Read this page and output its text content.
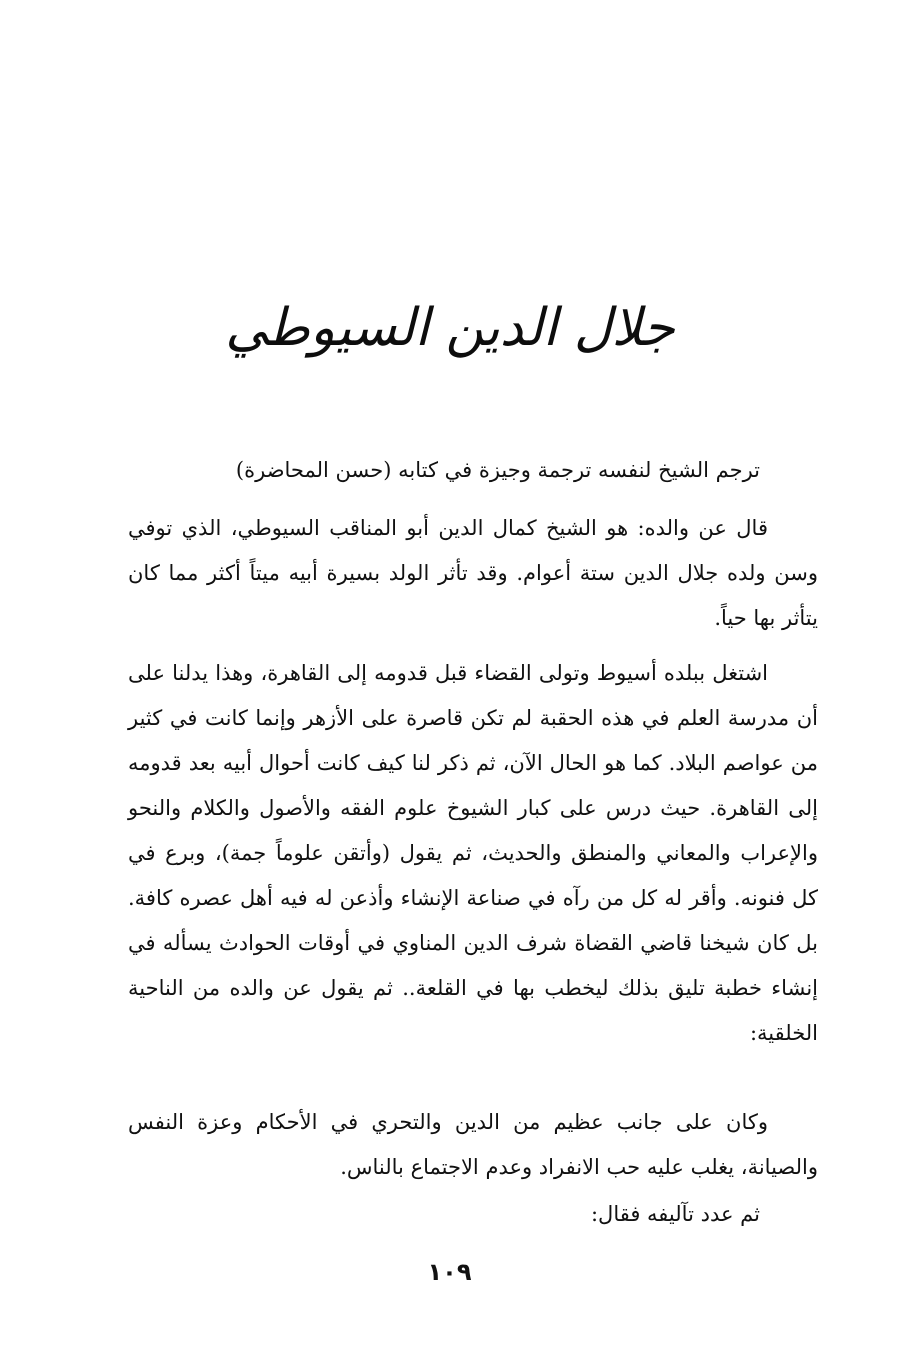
جلال الدين السيوطي
ترجم الشيخ لنفسه ترجمة وجيزة في كتابه (حسن المحاضرة)
قال عن والده: هو الشيخ كمال الدين أبو المناقب السيوطي، الذي توفي وسن ولده جلال الدين ستة أعوام. وقد تأثر الولد بسيرة أبيه ميتاً أكثر مما كان يتأثر بها حياً.
اشتغل ببلده أسيوط وتولى القضاء قبل قدومه إلى القاهرة، وهذا يدلنا على أن مدرسة العلم في هذه الحقبة لم تكن قاصرة على الأزهر وإنما كانت في كثير من عواصم البلاد. كما هو الحال الآن، ثم ذكر لنا كيف كانت أحوال أبيه بعد قدومه إلى القاهرة. حيث درس على كبار الشيوخ علوم الفقه والأصول والكلام والنحو والإعراب والمعاني والمنطق والحديث، ثم يقول (وأتقن علوماً جمة)، وبرع في كل فنونه. وأقر له كل من رآه في صناعة الإنشاء وأذعن له فيه أهل عصره كافة. بل كان شيخنا قاضي القضاة شرف الدين المناوي في أوقات الحوادث يسأله في إنشاء خطبة تليق بذلك ليخطب بها في القلعة.. ثم يقول عن والده من الناحية الخلقية:
وكان على جانب عظيم من الدين والتحري في الأحكام وعزة النفس والصيانة، يغلب عليه حب الانفراد وعدم الاجتماع بالناس.
ثم عدد تآليفه فقال:
١٠٩
